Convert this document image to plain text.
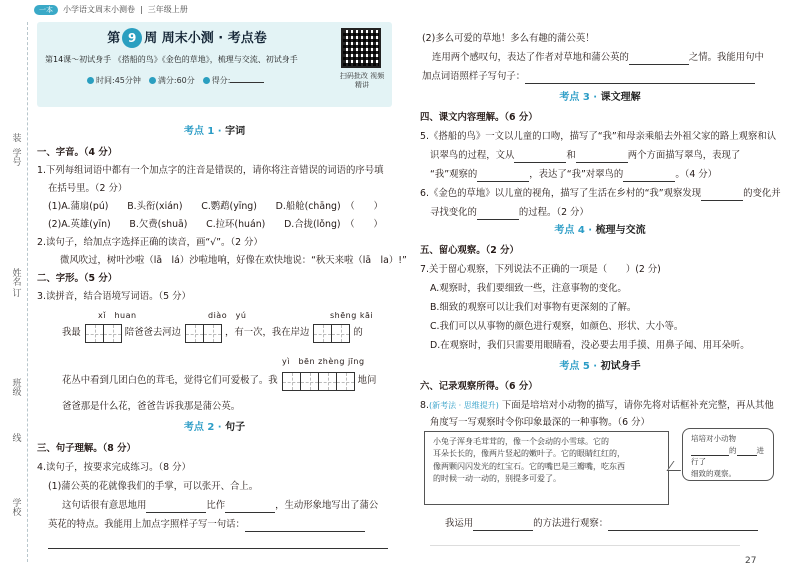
装
学号
姓名
订
班级
线
学校
一本	小学语文周末小测卷 | 三年级上册
第 9 周 周末小测 · 考点卷
第14课～初试身手 《搭船的鸟》《金色的草地》，梳理与交流、初试身手
时间:45分钟	满分:60分	得分:	扫码批改 视频精讲
考点 1 · 字词
一、字音。（4 分）
1.下列每组词语中都有一个加点字的注音是错误的，请你将注音错误的词语的序号填
在括号里。（2 分）
(1)A.蒲扇(pú)　　B.头衔(xián)　　C.鹦鹉(yīng)　　D.船舱(chāng)　（　　）
(2)A.英雄(yīn)　　B.欠费(shuā)　　C.拉环(huán)　　D.合拢(lǒng)　（　　）
2.读句子，给加点字选择正确的读音，画“√”。（2 分）
微风吹过，树叶沙啦（lā　lá）沙啦地响，好像在欢快地说：“秋天来啦（lā　la）!”
二、字形。（5 分）
3.读拼音，结合语境写词语。（5 分）
xǐ　huan	diào　yú	shēng kāi
我最	陪爸爸去河边	，有一次，我在岸边	的
yì　bēn zhèng jīng
花丛中看到几团白色的茸毛，觉得它们可爱极了。我	地问
爸爸那是什么花，爸爸告诉我那是蒲公英。
考点 2 · 句子
三、句子理解。（8 分）
4.读句子，按要求完成练习。（8 分）
(1)蒲公英的花就像我们的手掌，可以张开、合上。
这句话很有意思地用	比作	，生动形象地写出了蒲公
英花的特点。我能用上加点字照样子写一句话：
(2)多么可爱的草地！多么有趣的蒲公英！
连用两个感叹句，表达了作者对草地和蒲公英的	之情。我能用句中
加点词语照样子写句子：
考点 3 · 课文理解
四、课文内容理解。（6 分）
5.《搭船的鸟》一文以儿童的口吻，描写了“我”和母亲乘船去外祖父家的路上观察和认
识翠鸟的过程，文从	和	两个方面描写翠鸟，表现了
“我”观察的	，表达了“我”对翠鸟的	。（4 分）
6.《金色的草地》以儿童的视角，描写了生活在乡村的“我”观察发现	的变化并
寻找变化的	的过程。（2 分）
考点 4 · 梳理与交流
五、留心观察。（2 分）
7.关于留心观察，下列说法不正确的一项是（　　）(2 分)
A.观察时，我们要细致一些，注意事物的变化。
B.细致的观察可以让我们对事物有更深刻的了解。
C.我们可以从事物的颜色进行观察，如颜色、形状、大小等。
D.在观察时，我们只需要用眼睛看，没必要去用手摸、用鼻子闻、用耳朵听。
考点 5 · 初试身手
六、记录观察所得。（6 分）
8.(新考法 · 思维提升) 下面是培培对小动物的描写，请你先将对话框补充完整，再从其他
角度写一写观察时令你印象最深的一种事物。（6 分）
小兔子浑身毛茸茸的，像一个会动的小雪球。它的
耳朵长长的，像两片竖起的嫩叶子。它的眼睛红红的，
像两颗闪闪发光的红宝石。它的嘴巴是三瓣嘴，吃东西
的时候一动一动的，别提多可爱了。
培培对小动物
的	进行了
细致的观察。
我运用	的方法进行观察：
27
